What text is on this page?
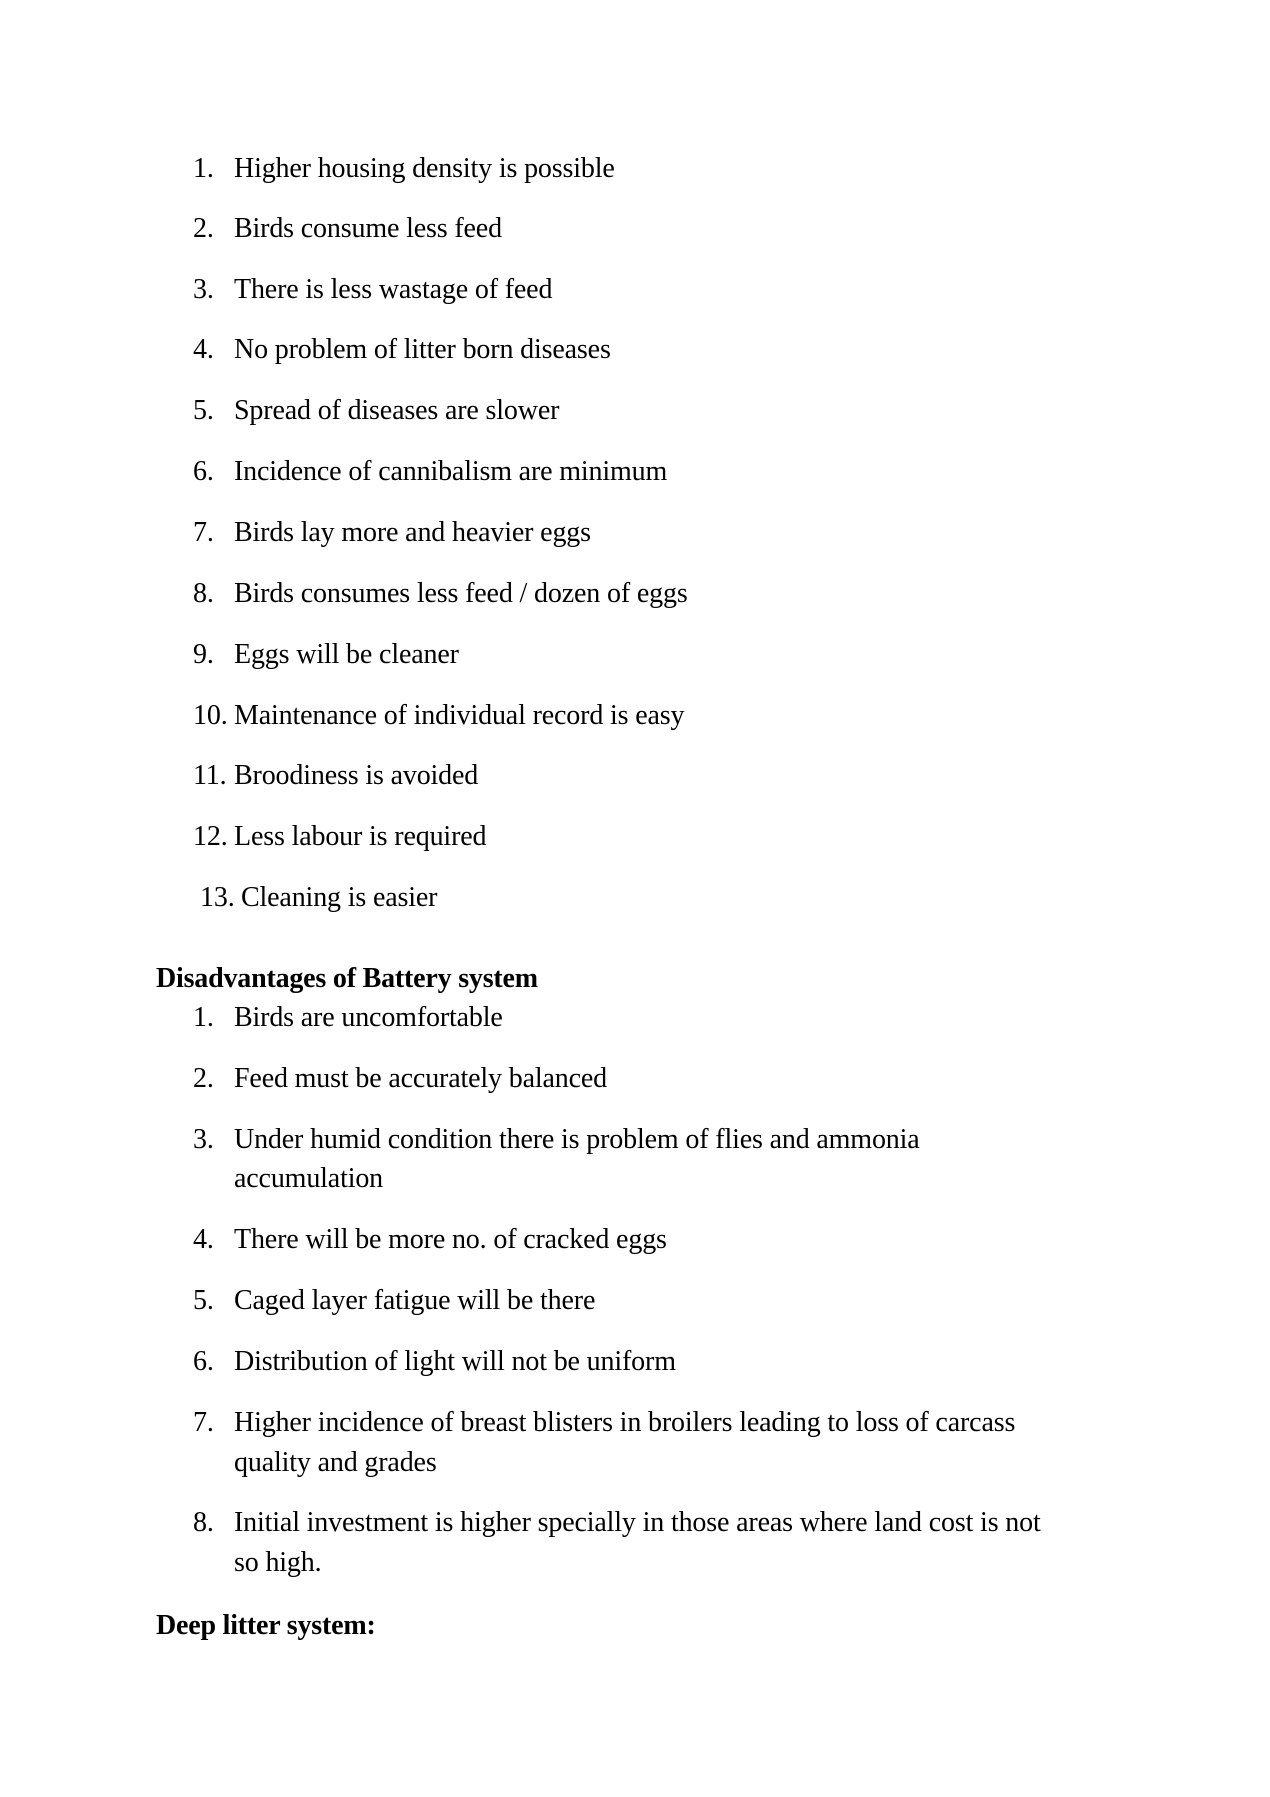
1. Higher housing density is possible
2. Birds consume less feed
3. There is less wastage of feed
4. No problem of litter born diseases
5. Spread of diseases are slower
6. Incidence of cannibalism are minimum
7. Birds lay more and heavier eggs
8. Birds consumes less feed / dozen of eggs
9. Eggs will be cleaner
10. Maintenance of individual record is easy
11. Broodiness is avoided
12. Less labour is required
13. Cleaning is easier
Disadvantages of Battery system
1. Birds are uncomfortable
2. Feed must be accurately balanced
3. Under humid condition there is problem of flies and ammonia
accumulation
4. There will be more no. of cracked eggs
5. Caged layer fatigue will be there
6. Distribution of light will not be uniform
7. Higher incidence of breast blisters in broilers leading to loss of carcass
quality and grades
8. Initial investment is higher specially in those areas where land cost is not
so high.
Deep litter system:
